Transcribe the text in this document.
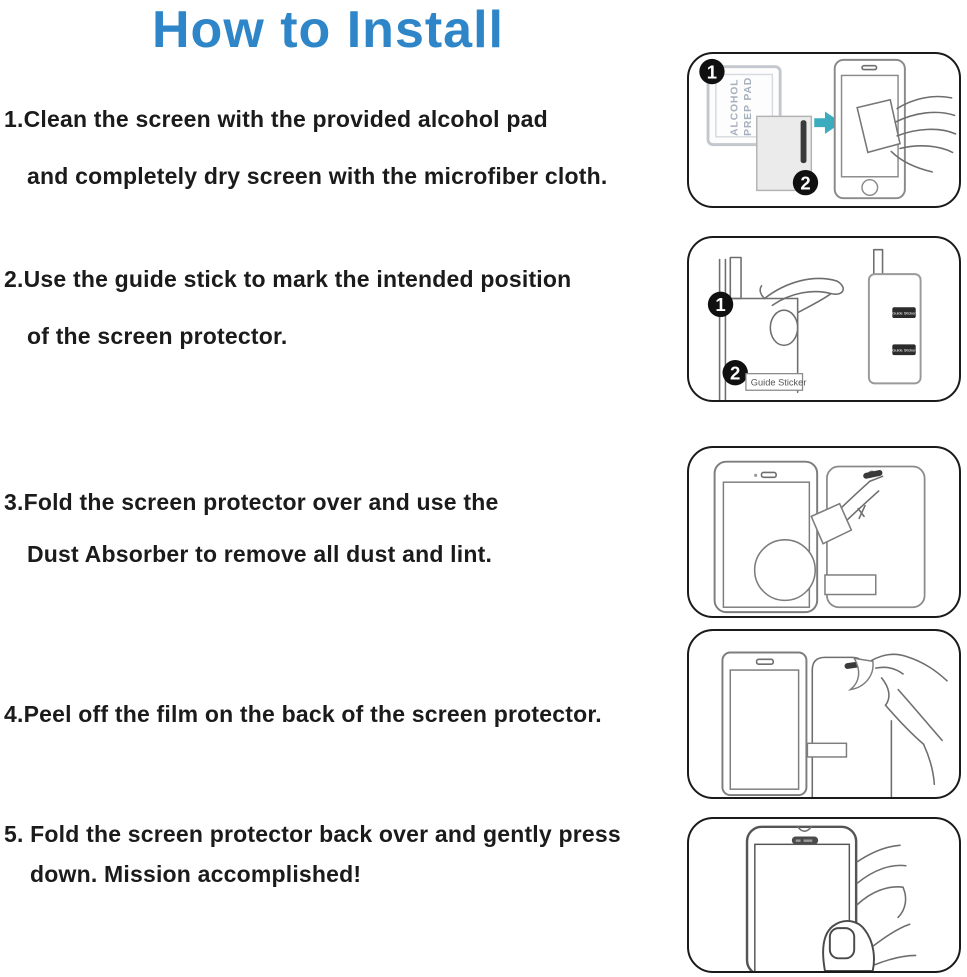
How to Install
1.Clean the screen with the provided alcohol pad
and completely dry screen with the microfiber cloth.
2.Use the guide stick to mark the intended position
of the screen protector.
3.Fold the screen protector over and use the
Dust Absorber to remove all dust and lint.
4.Peel off the film on the back of the screen protector.
5. Fold the screen protector back over and gently press
down. Mission accomplished!
ALCOHOL PREP PAD
1
2
1
2 Guide Sticker
Guide Sticker
Guide Sticker
